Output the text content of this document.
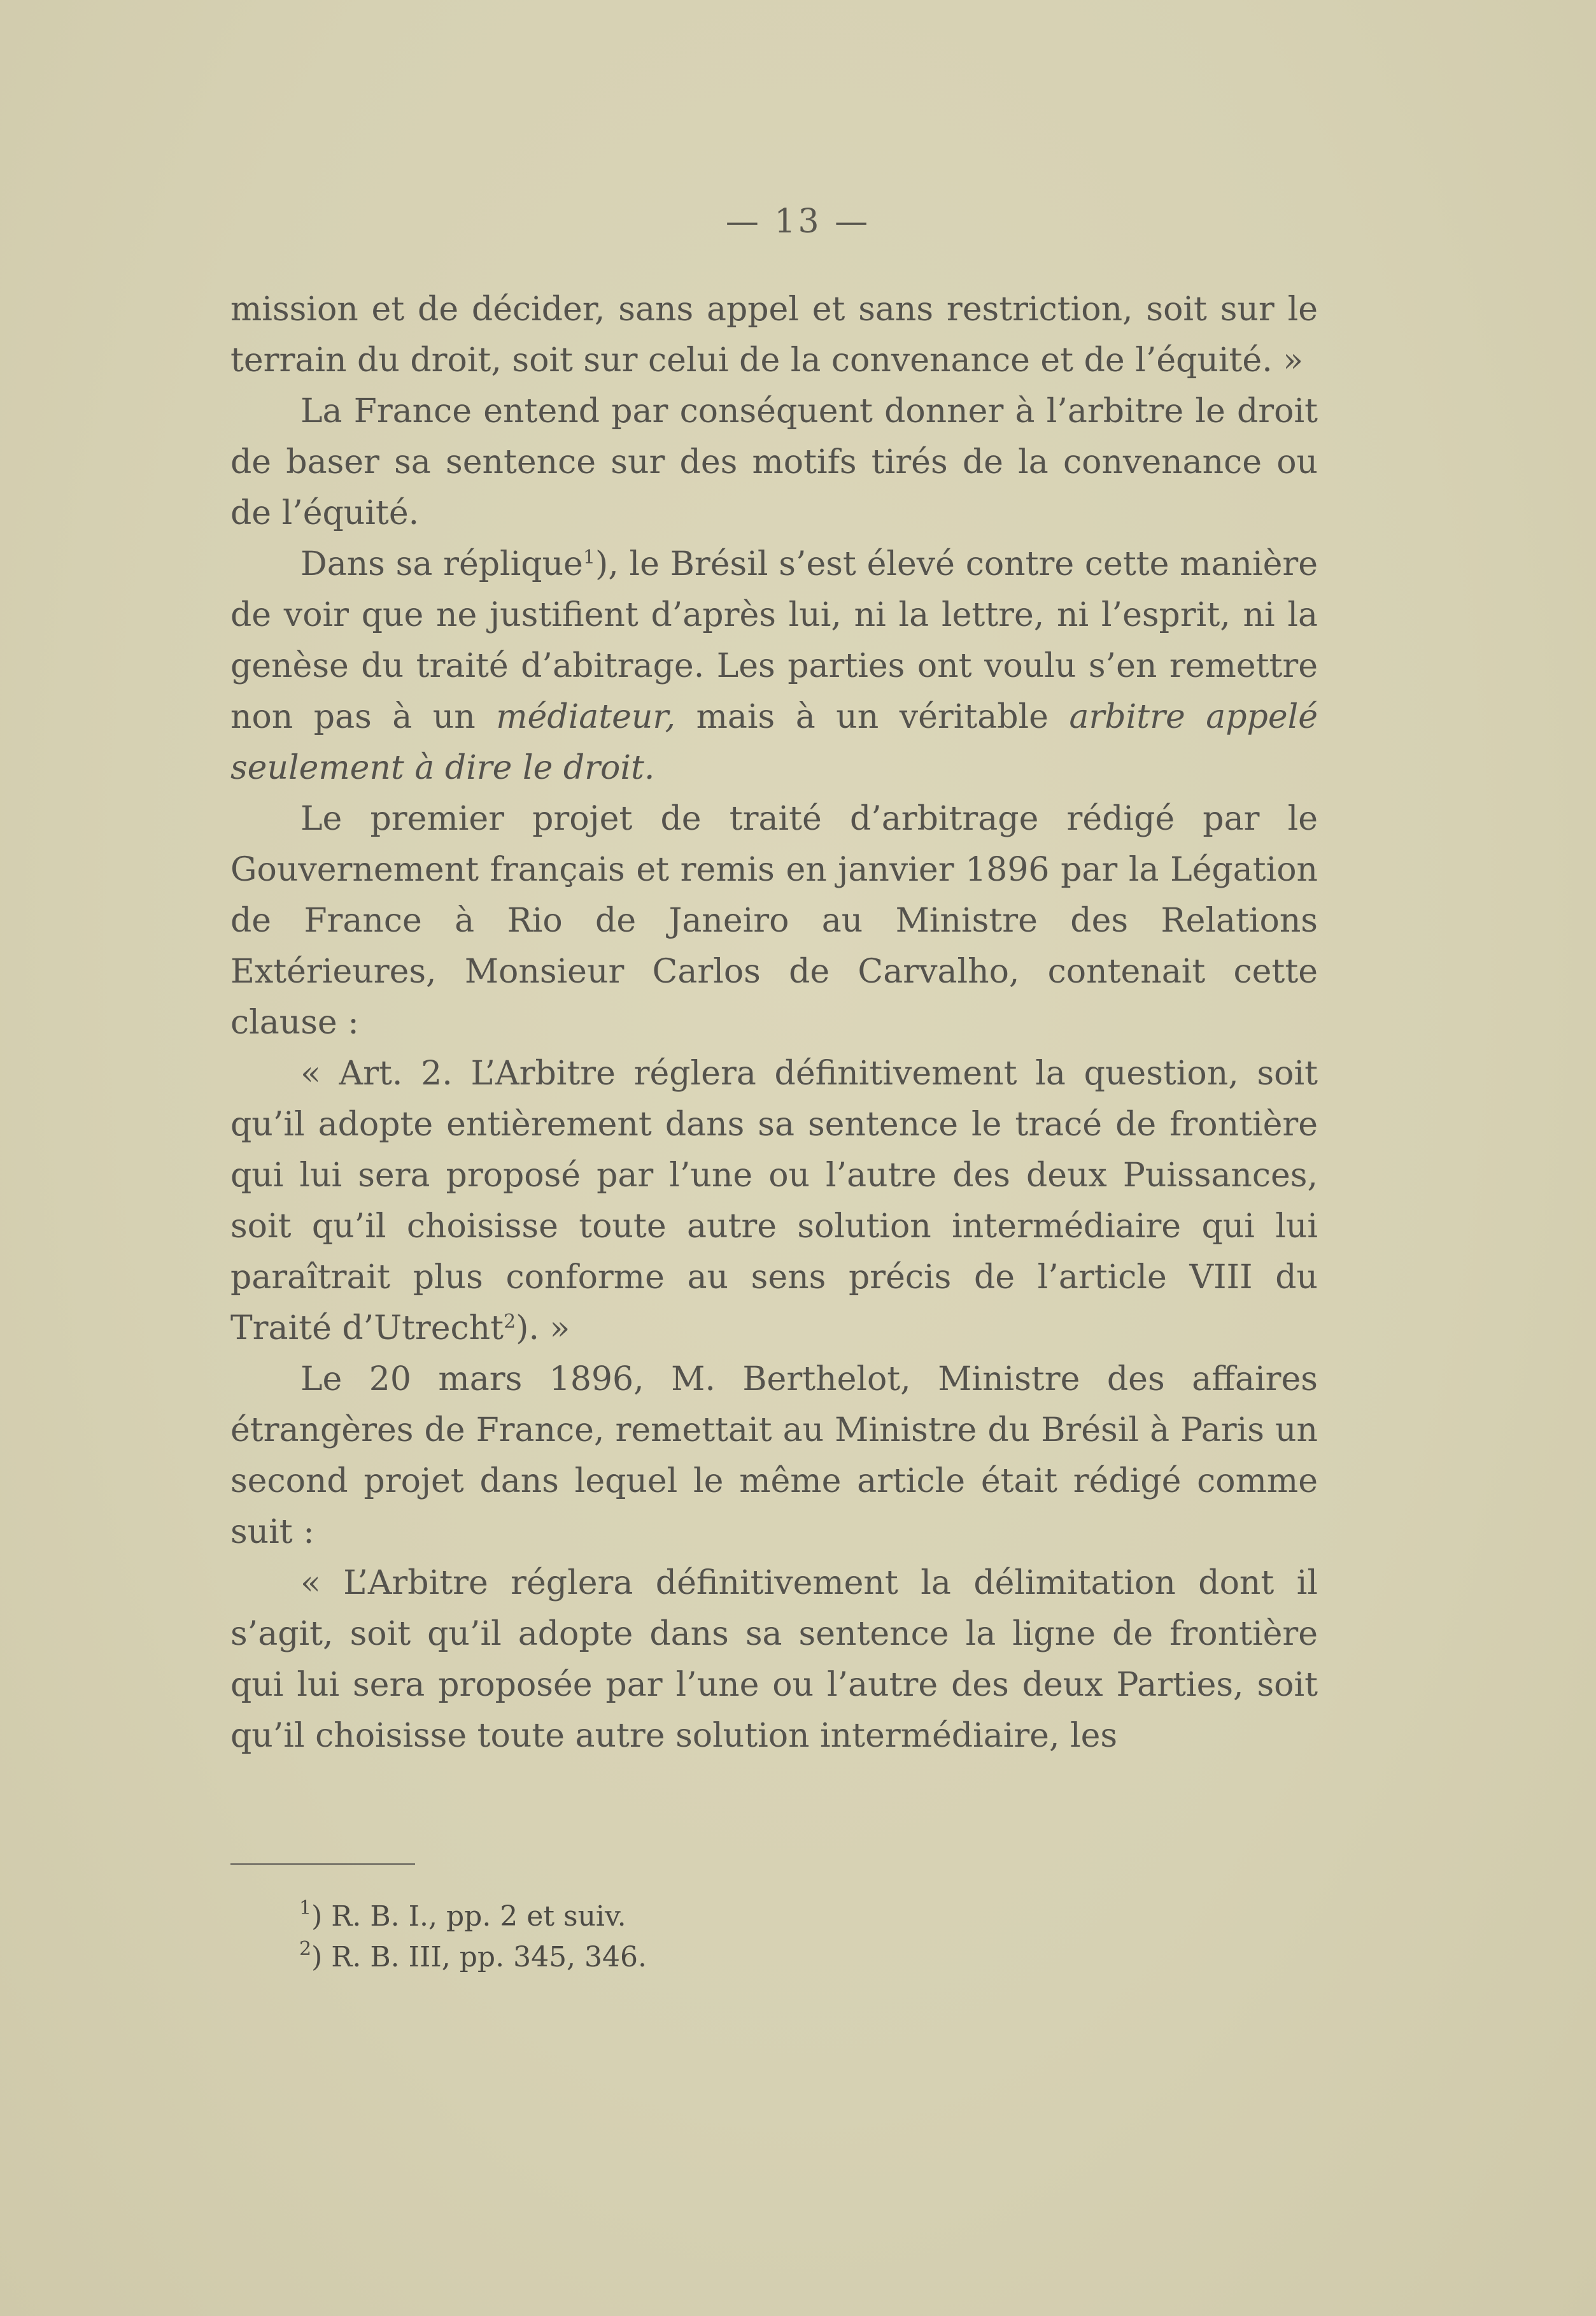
— 13 —

mission et de décider, sans appel et sans restriction, soit sur le terrain du droit, soit sur celui de la convenance et de l’équité. »

La France entend par conséquent donner à l’arbitre le droit de baser sa sentence sur des motifs tirés de la convenance ou de l’équité.

Dans sa réplique$^1$), le Brésil s’est élevé contre cette manière de voir que ne justifient d’après lui, ni la lettre, ni l’esprit, ni la genèse du traité d’abitrage. Les parties ont voulu s’en remettre non pas à un médiateur, mais à un véritable arbitre appelé seulement à dire le droit.

Le premier projet de traité d’arbitrage rédigé par le Gouvernement français et remis en janvier 1896 par la Légation de France à Rio de Janeiro au Ministre des Relations Extérieures, Monsieur Carlos de Carvalho, contenait cette clause :

« Art. 2. L’Arbitre réglera définitivement la question, soit qu’il adopte entièrement dans sa sentence le tracé de frontière qui lui sera proposé par l’une ou l’autre des deux Puissances, soit qu’il choisisse toute autre solution intermédiaire qui lui paraîtrait plus conforme au sens précis de l’article VIII du Traité d’Utrecht$^2$). »

Le 20 mars 1896, M. Berthelot, Ministre des affaires étrangères de France, remettait au Ministre du Brésil à Paris un second projet dans lequel le même article était rédigé comme suit :

« L’Arbitre réglera définitivement la délimitation dont il s’agit, soit qu’il adopte dans sa sentence la ligne de frontière qui lui sera proposée par l’une ou l’autre des deux Parties, soit qu’il choisisse toute autre solution intermédiaire, les

$^1$) R. B. I., pp. 2 et suiv.
$^2$) R. B. III, pp. 345, 346.
